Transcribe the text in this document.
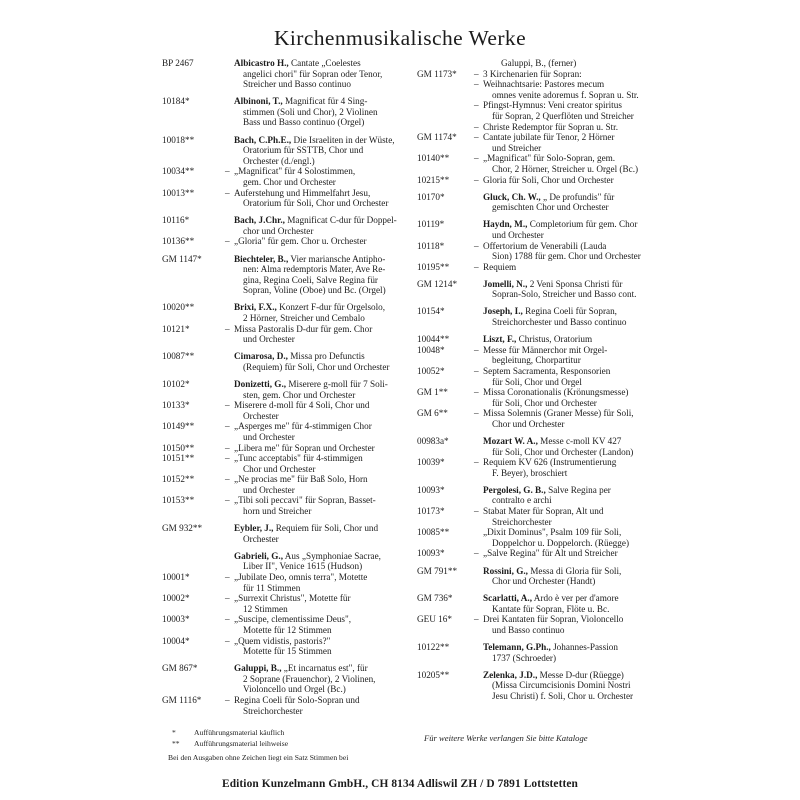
Kirchenmusikalische Werke
BP 2467	Albicastro H., Cantate „Coelestes
angelici chori" für Sopran oder Tenor,
Streicher und Basso continuo
10184*	Albinoni, T., Magnificat für 4 Sing-
stimmen (Soli und Chor), 2 Violinen
Bass und Basso continuo (Orgel)
10018**	Bach, C.Ph.E., Die Israeliten in der Wüste,
Oratorium für SSTTB, Chor und
Orchester (d./engl.)
10034**	– „Magnificat" für 4 Solostimmen,
gem. Chor und Orchester
10013**	– Auferstehung und Himmelfahrt Jesu,
Oratorium für Soli, Chor und Orchester
10116*	Bach, J.Chr., Magnificat C-dur für Doppel-
chor und Orchester
10136**	– „Gloria" für gem. Chor u. Orchester
GM 1147*	Biechteler, B., Vier mariansche Antipho-
nen: Alma redemptoris Mater, Ave Re-
gina, Regina Coeli, Salve Regina für
Sopran, Voline (Oboe) und Bc. (Orgel)
10020**	Brixi, F.X., Konzert F-dur für Orgelsolo,
2 Hörner, Streicher und Cembalo
10121*	– Missa Pastoralis D-dur für gem. Chor
und Orchester
10087**	Cimarosa, D., Missa pro Defunctis
(Requiem) für Soli, Chor und Orchester
10102*	Donizetti, G., Miserere g-moll für 7 Soli-
sten, gem. Chor und Orchester
10133*	– Miserere d-moll für 4 Soli, Chor und
Orchester
10149**	– „Asperges me" für 4-stimmigen Chor
und Orchester
10150**	– „Libera me" für Sopran und Orchester
10151**	– „Tunc acceptabis" für 4-stimmigen
Chor und Orchester
10152**	– „Ne procias me" für Baß Solo, Horn
und Orchester
10153**	– „Tibi soli peccavi" für Sopran, Basset-
horn und Streicher
GM 932**	Eybler, J., Requiem für Soli, Chor und
Orchester
Gabrieli, G., Aus „Symphoniae Sacrae,
Liber II", Venice 1615 (Hudson)
10001*	– „Jubilate Deo, omnis terra", Motette
für 11 Stimmen
10002*	– „Surrexit Christus", Motette für
12 Stimmen
10003*	– „Suscipe, clementissime Deus",
Motette für 12 Stimmen
10004*	– „Quem vidistis, pastoris?"
Motette für 15 Stimmen
GM 867*	Galuppi, B., „Et incarnatus est", für
2 Soprane (Frauenchor), 2 Violinen,
Violoncello und Orgel (Bc.)
GM 1116*	– Regina Coeli für Solo-Sopran und
Streichorchester
Galuppi, B., (ferner)
GM 1173*	– 3 Kirchenarien für Sopran:
– Weihnachtsarie: Pastores mecum
omnes venite adoremus f. Sopran u. Str.
– Pfingst-Hymnus: Veni creator spiritus
für Sopran, 2 Querflöten und Streicher
– Christe Redemptor für Sopran u. Str.
GM 1174*	– Cantate jubilate für Tenor, 2 Hörner
und Streicher
10140**	– „Magnificat" für Solo-Sopran, gem.
Chor, 2 Hörner, Streicher u. Orgel (Bc.)
10215**	– Gloria für Soli, Chor und Orchester
10170*	Gluck, Ch. W., „ De profundis" für
gemischten Chor und Orchester
10119*	Haydn, M., Completorium für gem. Chor
und Orchester
10118*	– Offertorium de Venerabili (Lauda
Sion) 1788 für gem. Chor und Orchester
10195**	– Requiem
GM 1214*	Jomelli, N., 2 Veni Sponsa Christi für
Sopran-Solo, Streicher und Basso cont.
10154*	Joseph, I., Regina Coeli für Sopran,
Streichorchester und Basso continuo
10044**	Liszt, F., Christus, Oratorium
10048*	– Messe für Männerchor mit Orgel-
begleitung, Chorpartitur
10052*	– Septem Sacramenta, Responsorien
für Soli, Chor und Orgel
GM 1**	– Missa Coronationalis (Krönungsmesse)
für Soli, Chor und Orchester
GM 6**	– Missa Solemnis (Graner Messe) für Soli,
Chor und Orchester
00983a*	Mozart W. A., Messe c-moll KV 427
für Soli, Chor und Orchester (Landon)
10039*	– Requiem KV 626 (Instrumentierung
F. Beyer), broschiert
10093*	Pergolesi, G. B., Salve Regina per
contralto e archi
10173*	– Stabat Mater für Sopran, Alt und
Streichorchester
10085**	„Dixit Dominus", Psalm 109 für Soli,
Doppelchor u. Doppelorch. (Rüegge)
10093*	– „Salve Regina" für Alt und Streicher
GM 791**	Rossini, G., Messa di Gloria für Soli,
Chor und Orchester (Handt)
GM 736*	Scarlatti, A., Ardo è ver per d'amore
Kantate für Sopran, Flöte u. Bc.
GEU 16*	– Drei Kantaten für Sopran, Violoncello
und Basso continuo
10122**	Telemann, G.Ph., Johannes-Passion
1737 (Schroeder)
10205**	Zelenka, J.D., Messe D-dur (Rüegge)
(Missa Circumcisionis Domini Nostri
Jesu Christi) f. Soli, Chor u. Orchester
*	Aufführungsmaterial käuflich
**	Aufführungsmaterial leihweise
Bei den Ausgaben ohne Zeichen liegt ein Satz Stimmen bei
Für weitere Werke verlangen Sie bitte Kataloge
Edition Kunzelmann GmbH., CH 8134 Adliswil ZH / D 7891 Lottstetten
